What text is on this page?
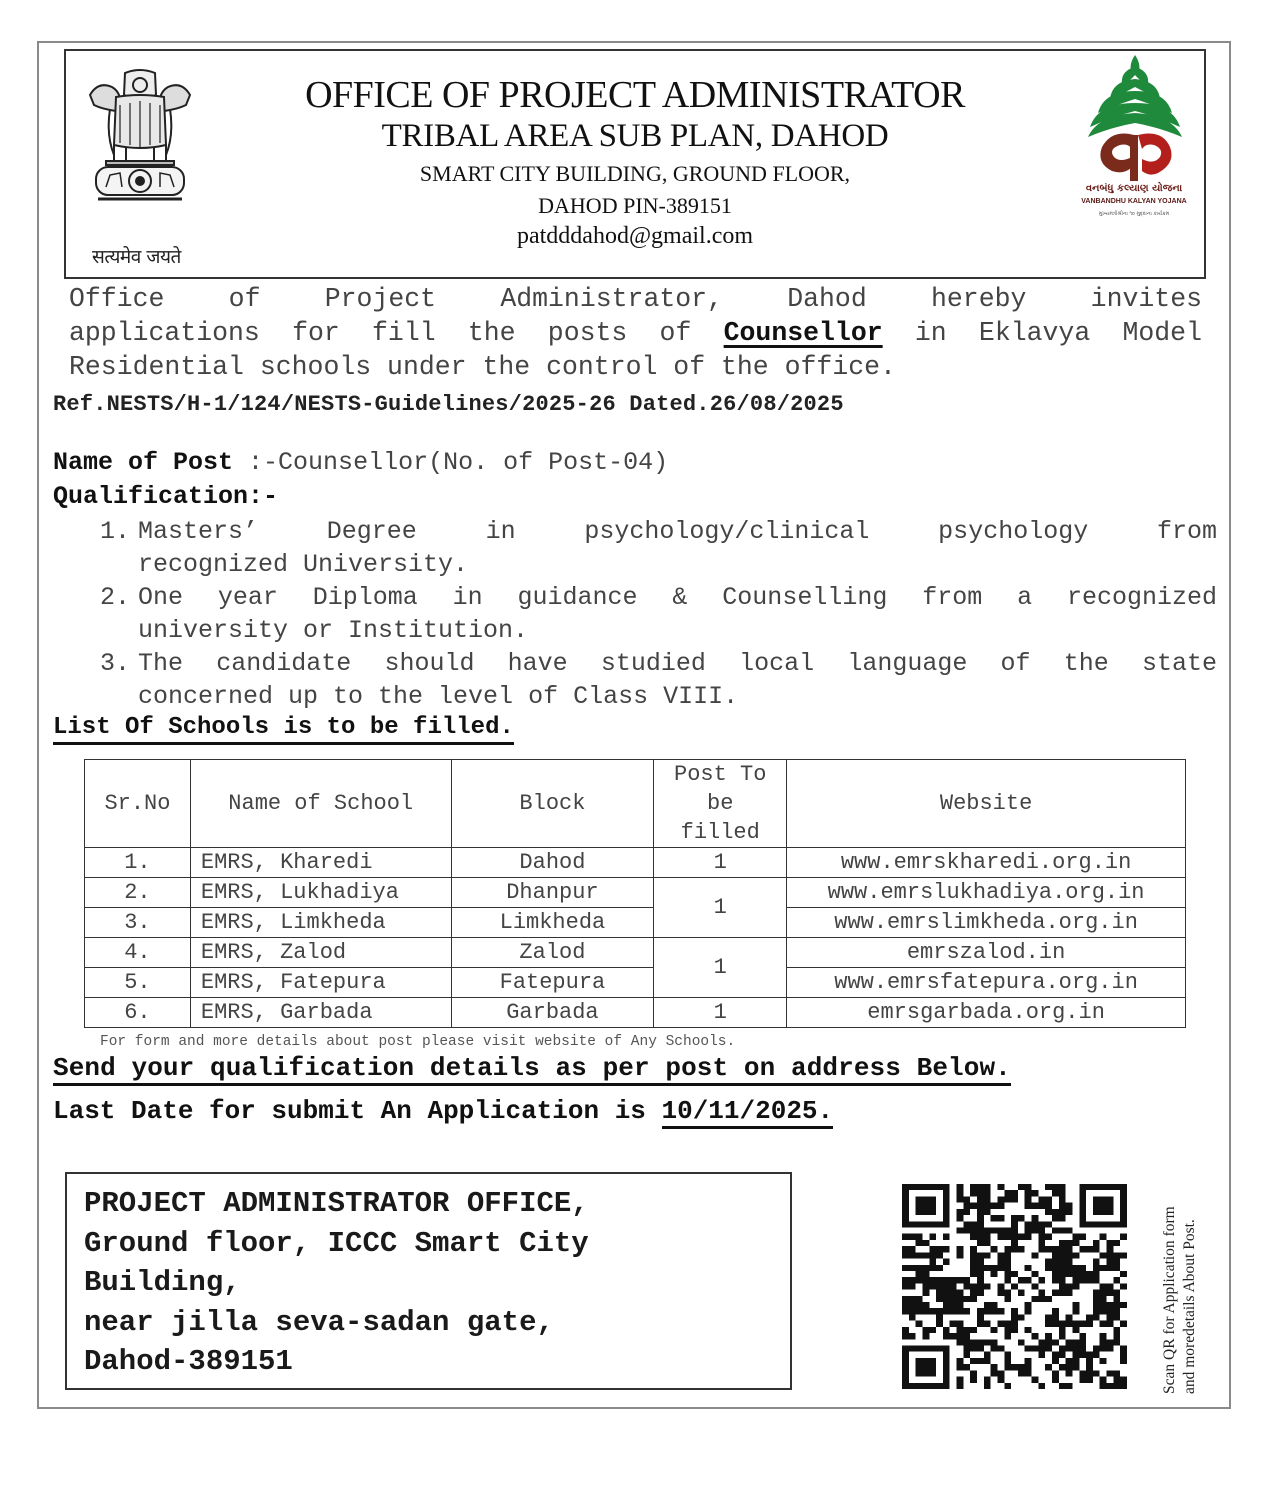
सत्यमेव जयते
OFFICE OF PROJECT ADMINISTRATOR
TRIBAL AREA SUB PLAN, DAHOD
SMART CITY BUILDING, GROUND FLOOR,
DAHOD PIN-389151
patdddahod@gmail.com
વનબંધુ કલ્યાણ યોજના
VANBANDHU KALYAN YOJANA
મુખ્યમંત્રીશ્રીના ૧૦ મુદ્દાના કાર્યક્રમ
Office of Project Administrator, Dahod hereby invites
applications for fill the posts of Counsellor in Eklavya Model
Residential schools under the control of the office.
Ref.NESTS/H-1/124/NESTS-Guidelines/2025-26 Dated.26/08/2025
Name of Post :-Counsellor(No. of Post-04)
Qualification:-
1. Masters’ Degree in psychology/clinical psychology from
recognized University.
2. One year Diploma in guidance & Counselling from a recognized
university or Institution.
3. The candidate should have studied local language of the state
concerned up to the level of Class VIII.
List Of Schools is to be filled.
Sr.No	Name of School	Block	Post To
be
filled	Website
1.	EMRS, Kharedi	Dahod	1	www.emrskharedi.org.in
2.	EMRS, Lukhadiya	Dhanpur	1	www.emrslukhadiya.org.in
3.	EMRS, Limkheda	Limkheda		www.emrslimkheda.org.in
4.	EMRS, Zalod	Zalod	1	emrszalod.in
5.	EMRS, Fatepura	Fatepura		www.emrsfatepura.org.in
6.	EMRS, Garbada	Garbada	1	emrsgarbada.org.in
For form and more details about post please visit website of Any Schools.
Send your qualification details as per post on address Below.
Last Date for submit An Application is 10/11/2025.
PROJECT ADMINISTRATOR OFFICE,
Ground floor, ICCC Smart City
Building,
near jilla seva-sadan gate,
Dahod-389151	Scan QR for Application form and moredetails About Post.
